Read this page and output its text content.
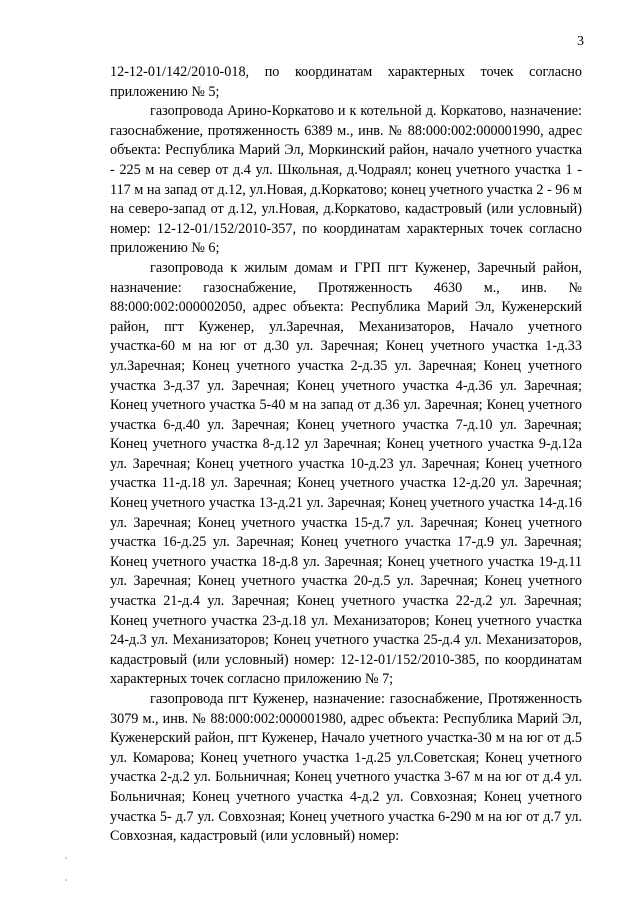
3

12-12-01/142/2010-018, по координатам характерных точек согласно приложению № 5;

газопровода Арино-Коркатово и к котельной д. Коркатово, назначение: газоснабжение, протяженность 6389 м., инв. № 88:000:002:000001990, адрес объекта: Республика Марий Эл, Моркинский район, начало учетного участка - 225 м на север от д.4 ул. Школьная, д.Чодраял; конец учетного участка 1 - 117 м на запад от д.12, ул.Новая, д.Коркатово; конец учетного участка 2 - 96 м на северо-запад от д.12, ул.Новая, д.Коркатово, кадастровый (или условный) номер: 12-12-01/152/2010-357, по координатам характерных точек согласно приложению № 6;

газопровода к жилым домам и ГРП пгт Куженер, Заречный район, назначение: газоснабжение, Протяженность 4630 м., инв. № 88:000:002:000002050, адрес объекта: Республика Марий Эл, Куженерский район, пгт Куженер, ул.Заречная, Механизаторов, Начало учетного участка-60 м на юг от д.30 ул. Заречная; Конец учетного участка 1-д.33 ул.Заречная; Конец учетного участка 2-д.35 ул. Заречная; Конец учетного участка 3-д.37 ул. Заречная; Конец учетного участка 4-д.36 ул. Заречная; Конец учетного участка 5-40 м на запад от д.36 ул. Заречная; Конец учетного участка 6-д.40 ул. Заречная; Конец учетного участка 7-д.10 ул. Заречная; Конец учетного участка 8-д.12 ул Заречная; Конец учетного участка 9-д.12а ул. Заречная; Конец учетного участка 10-д.23 ул. Заречная; Конец учетного участка 11-д.18 ул. Заречная; Конец учетного участка 12-д.20 ул. Заречная; Конец учетного участка 13-д.21 ул. Заречная; Конец учетного участка 14-д.16 ул. Заречная; Конец учетного участка 15-д.7 ул. Заречная; Конец учетного участка 16-д.25 ул. Заречная; Конец учетного участка 17-д.9 ул. Заречная; Конец учетного участка 18-д.8 ул. Заречная; Конец учетного участка 19-д.11 ул. Заречная; Конец учетного участка 20-д.5 ул. Заречная; Конец учетного участка 21-д.4 ул. Заречная; Конец учетного участка 22-д.2 ул. Заречная; Конец учетного участка 23-д.18 ул. Механизаторов; Конец учетного участка 24-д.3 ул. Механизаторов; Конец учетного участка 25-д.4 ул. Механизаторов, кадастровый (или условный) номер: 12-12-01/152/2010-385, по координатам характерных точек согласно приложению № 7;

газопровода пгт Куженер, назначение: газоснабжение, Протяженность 3079 м., инв. № 88:000:002:000001980, адрес объекта: Республика Марий Эл, Куженерский район, пгт Куженер, Начало учетного участка-30 м на юг от д.5 ул. Комарова; Конец учетного участка 1-д.25 ул.Советская; Конец учетного участка 2-д.2 ул. Больничная; Конец учетного участка 3-67 м на юг от д.4 ул. Больничная; Конец учетного участка 4-д.2 ул. Совхозная; Конец учетного участка 5- д.7 ул. Совхозная; Конец учетного участка 6-290 м на юг от д.7 ул. Совхозная, кадастровый (или условный) номер:
